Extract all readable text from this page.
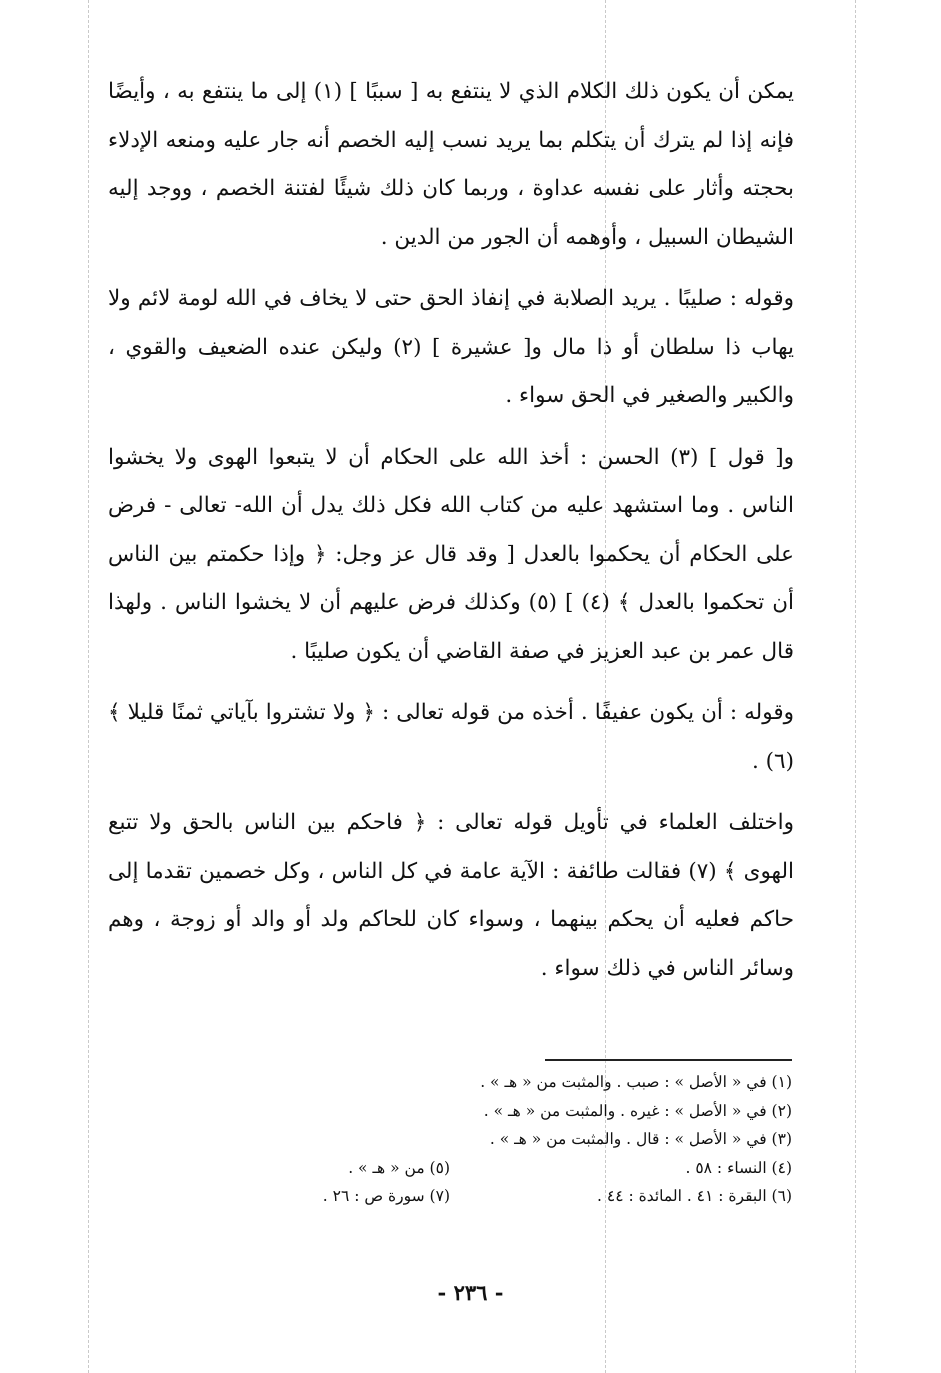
يمكن أن يكون ذلك الكلام الذي لا ينتفع به [ سببًا ] (١) إلى ما ينتفع به ، وأيضًا فإنه إذا لم يترك أن يتكلم بما يريد نسب إليه الخصم أنه جار عليه ومنعه الإدلاء بحجته وأثار على نفسه عداوة ، وربما كان ذلك شيئًا لفتنة الخصم ، ووجد إليه الشيطان السبيل ، وأوهمه أن الجور من الدين .

وقوله : صليبًا . يريد الصلابة في إنفاذ الحق حتى لا يخاف في الله لومة لائم ولا يهاب ذا سلطان أو ذا مال و[ عشيرة ] (٢) وليكن عنده الضعيف والقوي ، والكبير والصغير في الحق سواء .

و[ قول ] (٣) الحسن : أخذ الله على الحكام أن لا يتبعوا الهوى ولا يخشوا الناس . وما استشهد عليه من كتاب الله فكل ذلك يدل أن الله- تعالى - فرض على الحكام أن يحكموا بالعدل [ وقد قال عز وجل: ﴿ وإذا حكمتم بين الناس أن تحكموا بالعدل ﴾ (٤) ] (٥) وكذلك فرض عليهم أن لا يخشوا الناس . ولهذا قال عمر بن عبد العزيز في صفة القاضي أن يكون صليبًا .

وقوله : أن يكون عفيفًا . أخذه من قوله تعالى : ﴿ ولا تشتروا بآياتي ثمنًا قليلا ﴾ (٦) .

واختلف العلماء في تأويل قوله تعالى : ﴿ فاحكم بين الناس بالحق ولا تتبع الهوى ﴾ (٧) فقالت طائفة : الآية عامة في كل الناس ، وكل خصمين تقدما إلى حاكم فعليه أن يحكم بينهما ، وسواء كان للحاكم ولد أو والد أو زوجة ، وهم وسائر الناس في ذلك سواء .

(١) في « الأصل » : صبب . والمثبت من « هـ » .
(٢) في « الأصل » : غيره . والمثبت من « هـ » .
(٣) في « الأصل » : قال . والمثبت من « هـ » .
(٤) النساء : ٥٨ .
(٥) من « هـ » .
(٦) البقرة : ٤١ . المائدة : ٤٤ .
(٧) سورة ص : ٢٦ .
- ٢٣٦ -
